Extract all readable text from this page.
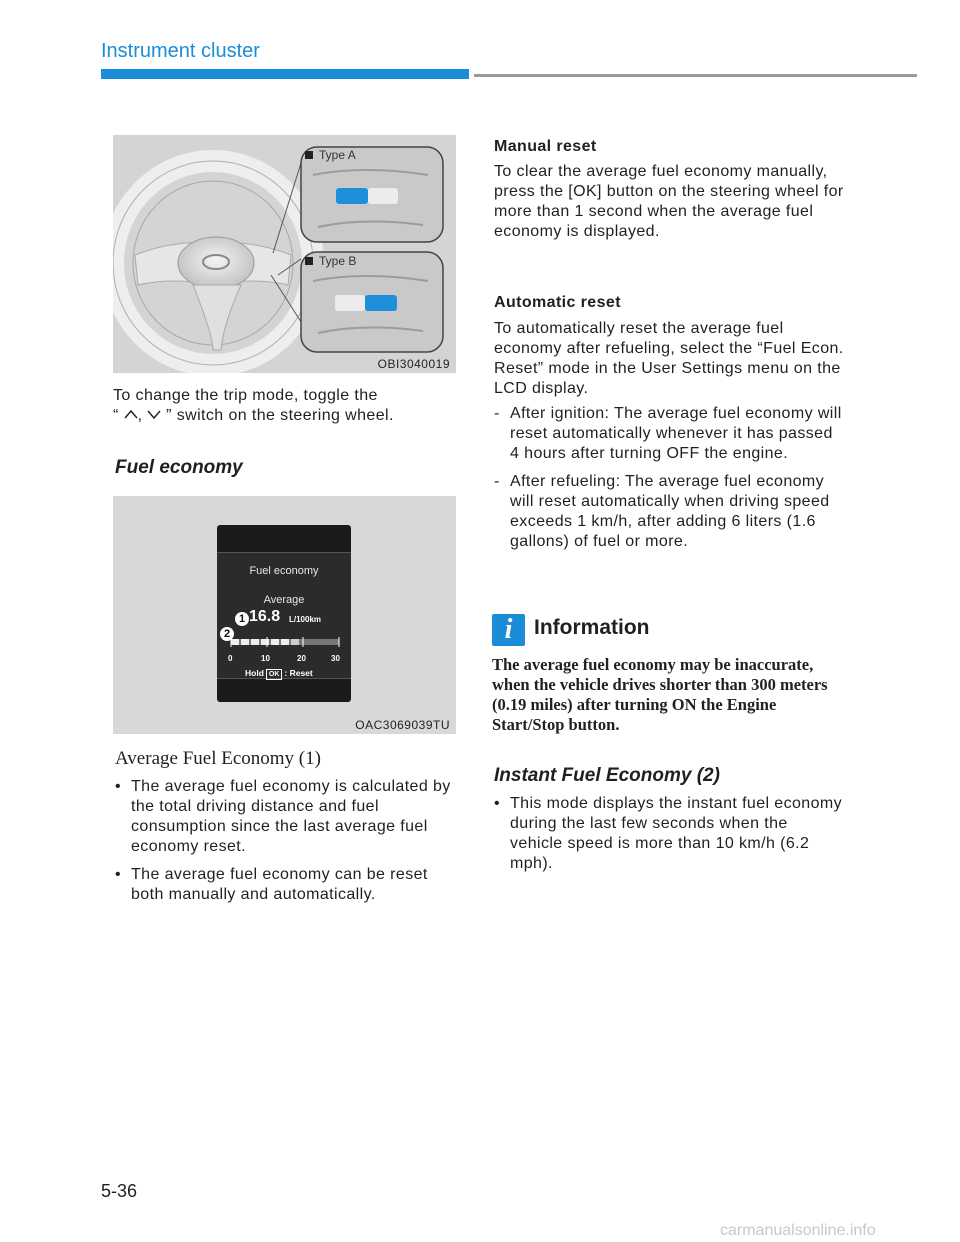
Instrument cluster
Type A
Type B
OBI3040019
To change the trip mode, toggle the
“ , ” switch on the steering wheel.
Fuel economy
Fuel economy
Average
1 16.8 L/100km
2
0	10	20	30
Hold OK : Reset
OAC3069039TU
Average Fuel Economy (1)
• The average fuel economy is calculated by the total driving distance and fuel consumption since the last average fuel economy reset.
• The average fuel economy can be reset both manually and automatically.
Manual reset
To clear the average fuel economy manually, press the [OK] button on the steering wheel for more than 1 second when the average fuel economy is displayed.
Automatic reset
To automatically reset the average fuel economy after refueling, select the “Fuel Econ. Reset” mode in the User Settings menu on the LCD display.
- After ignition: The average fuel economy will reset automatically whenever it has passed 4 hours after turning OFF the engine.
- After refueling: The average fuel economy will reset automatically when driving speed exceeds 1 km/h, after adding 6 liters (1.6 gallons) of fuel or more.
i	Information
The average fuel economy may be inaccurate, when the vehicle drives shorter than 300 meters (0.19 miles) after turning ON the Engine Start/Stop button.
Instant Fuel Economy (2)
• This mode displays the instant fuel economy during the last few seconds when the vehicle speed is more than 10 km/h (6.2 mph).
5-36
carmanualsonline.info
